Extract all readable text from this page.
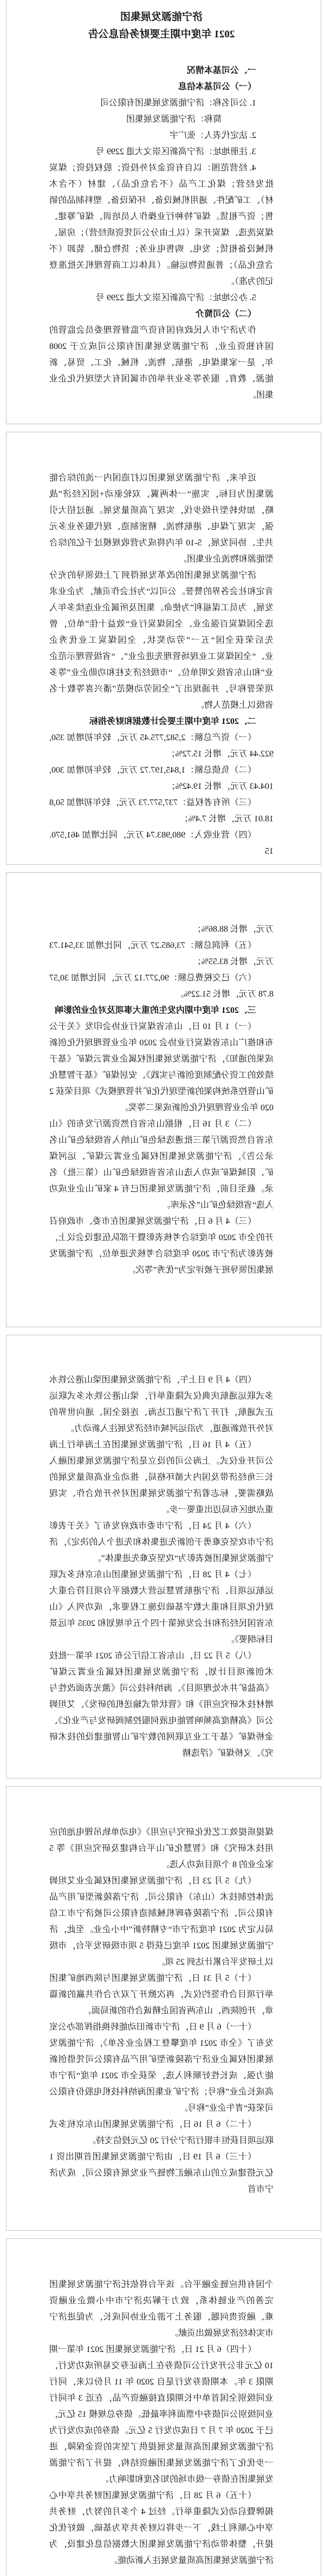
济宁能源发展集团
2021 年度中期主要财务信息公告
一、公司基本情况
（一）公司基本信息
1. 公司名称：济宁能源发展集团有限公司
简称：济宁能源发展集团
2. 法定代表人：张广宇
3. 注册地址：济宁高新区崇文大道 2299 号
4. 经营范围：以自有资金对外投资；股权投资；煤炭批发经营；煤化工产品（不含危化品）、建材（不含木材）、工矿配件、通用机械设备、环保设备、塑料制品的销售；资产租赁。煤矿特种行业操作人员培训、煤矿筹建、煤炭洗选、煤炭开采（以上由分公司凭资质经营）；房屋、机械设备租赁；发电、购售电业务；货物仓储、装卸（不含危化品）；普通货物运输。（具体以工商管理机关批准登记的为准）。
5. 办公地址：济宁高新区崇文大道 2299 号
（二）公司简介
作为济宁市人民政府国有资产监督管理委员会监管的国有独资企业，济宁能源发展集团有限公司成立于 2008 年，是一家集煤电、港航、物流、机械、化工、贸易、新能源、教育、服务等多业并举的市属国有大型现代化企业集团。
近年来，济宁能源发展集团以打造国内一流的综合能源集团为目标，实施“一体两翼、双轮驱动+园区经济”战略，加快转型升级步伐，实现了高质量发展。通过招大引强，实现了煤电、港航物流、精密制造、现代服务业多元共生、协同发展，5-10 年内将成为营收规模过千亿的综合型能源和物流企业集团。
济宁能源发展集团的改革发展得到了上级领导的充分肯定和社会各界的赞誉。公司以“为社会作贡献，为企业求发展，为员工谋福利”为使命。集团及所属企业连续多年入选全国煤炭百强企业、全国煤炭行业“效益十佳”单位，曾先后荣获全国“五一”劳动奖状、全国煤炭工业优秀企业、“全国煤炭工业现场管理先进企业”、“省级管理示范企业”和山东省级文明单位、“市级经济支柱和功勋企业”等多项荣誉称号，并涌现出了“全国劳动模范”潘兴喜等数十名省级以上模范人物。
二、2021 年度中期主要会计数据和财务指标
（一）资产总额：2,582,775.45 万元，较年初增加 350,922.44 万元，增长 15.72%；
（二）负债总额：1,845,197.72 万元，较年初增加 300,104.43 万元，增长 19.42%；
（三）所有者权益：737,577.73 万元，较年初增加 50,818.01 万元，增长 7.4%；
（四）营业收入：980,983.74 万元，同比增加 461,570.15
万元，增长 88.86%；
（五）利润总额：73,685.27 万元，同比增加 33,541.73 万元，增长 83.55%；
（六）已交税费总额：90,277.12 万元，同比增加 30,578.78 万元，增长 51.22%。
三、2021 年度中期内发生的重大事项及对企业的影响
（一）1 月 10 日，山东省煤炭行业协会印发《关于公布和推广山东省煤炭行业协会 2020 年企业管理现代化创新成果的通知》，济宁能源发展集团权属企业霄云煤矿《基于绩效的工资分配制度创新与实践》、安居煤矿《基于智慧化矿山管控系统构架的新型现代化矿井管理模式》项目荣获 2020 年企业管理现代化创新成果二等奖。
（二）3 月 16 日，根据山东省自然资源厅发布的《山东省自然资源厅第三批遴选绿色矿山纳入省级绿色矿山名录公告》，济宁能源发展集团权属企业霄云煤矿、运河煤矿、阳城煤矿成功入选山东省省级绿色矿山（第三批）名录。截至目前，济宁能源发展集团已有 4 家矿山企业成功入选“省级绿色矿山”名录库。
（三）4 月 6 日，济宁能源发展集团在市委、市政府召开的全市 2020 年度综合考核表彰暨干部队伍建设会议上，被表彰为济宁市 2020 年度综合考核先进单位，济宁能源发展集团领导班子被评定为“优秀”等次。
（四）4 月 9 日上午，济宁能源发展集团梁山港公铁水多式联运通航庆典仪式隆重举行，梁山港公铁水多式联运正式通航，打开了济宁通江达海、连接全国、通向世界的对外开放新通道，为沿运河城市经济发展注入新动力。
（五）4 月 16 日，济宁能源发展集团在上海举行上海公司开业仪式。上海公司的设立是济宁能源发展集团融入长三角经济带及国内大循环格局，推动企业高质量发展的战略需要，标志着济宁能源发展集团对外开放合作、实现重点地区布局迈出重要一步。
（六）4 月 24 日，济宁市委市政府发布了《关于表彰济宁市攻坚克难勇于创新先进集体和先进个人的决定》，济宁能源发展集团被表彰为“攻坚克难先进集体”。
（七）4 月 28 日，济宁能源发展集团山东京杭多式联运航运项目、济宁港航智慧运营大数据平台项目符合重大现代化项目和重大数字基础设施工程要求，成功列入《山东省国民经济和社会发展第十四个五年规划和 2035 年远景目标纲要》。
（八）5 月 22 日，山东省工信厅公布 2021 年第一批技术创新项目计划，济宁能源发展集团权属企业霄云煤矿《高盐矿井水处理项目》、海纳科技公司《激光表面改性与增材技术研究应用》和《管状带式输送机的研发》、艾坦姆公司《高精度高频响智能电液伺服控制阀研发与产业化》、金桥煤矿《基于工业互联网的数字矿山智能建设的技术研究》、义桥煤矿《浮选精
煤提质提效工艺优化研究与应用》《电动单轨吊锂电池的应用技术研究》和《智慧化矿山平台构建及研究应用》等 5 家企业的 8 个项目成功入选。
（九）5 月 23 日，济宁能源发展集团权属企业艾坦姆流体控制技术（山东）有限公司、济宁落陵新型矿用产品有限公司、济宁落陵春晖机械制造有限公司被济宁市工信局认定为 2021 年度济宁市“专精特新”中小企业。至此，济宁能源发展集团 2021 年度已获得 5 项市级研发平台，市级以上研发平台累计达到 25 项。
（十）5 月 31 日，济宁能源发展集团与陕西地矿集团举行项目合作签约仪式，再次掀开了双方合作共赢的新篇章，开创陕西、山东两省国企精诚合作的新局面。
（十一）6 月 9 日，济宁市新旧动能转换指挥部办公室发布了《全市 2021 年度攀登工程企业名单》，济宁能源发展集团权属企业济宁落陵新型矿用产品有限公司凭借创新能力强、成长性好顺利入选，荣获全市 2021 年度“济宁市高成长企业”称号；济宁矿业集团海纳科技机电股份有限公司荣获“青牛企业”称号。
（十二）6 月 16 日，济宁能源发展集团山东京杭多式联运项目获恒丰银行济宁分行 20 亿元授信支持。
（十三）6 月 19 日，由济宁能源发展集团首期出资 1 亿元搭建成立的山东融汇物链产业发展有限公司，成为济宁市首
个国有供应链金融平台。该平台将依托济宁能源发展集团完善的产业链体系，致力于解决济宁市中小微企业融资难、融资贵问题，服务上下游企业协同成长，为促进济宁市实体经济发展做出贡献。
（十四）6 月 21 日，济宁能源发展集团 2021 年第一期 10 亿元非公开发行公司债券在上海证券交易所成功发行，期限 3 年。本期债券发行是自 2020 年 11 月份以来，同行业同级别全国首单中长期限直接融资产品，在近 3 年同行业同级别公司债券中票面利率最低。债券总规模 15 亿元，已于 2020 年 7 月 7 日成功发行 5 亿元。债券的成功发行为济宁能源发展集团高质量发展提供了坚实的资金保障，进一步优化了济宁能源发展集团融资结构，提升了济宁能源发展集团在债券一级市场的知名度和影响力。
（十五）6 月 28 日，济宁能源发展集团财务共享中心揭牌暨启动仪式隆重举行。经过 4 个多月的努力，财务共享中心顺利上线，下一步将以财务共享为基础，做好优化提升，整体带动济宁能源发展集团大数据信息化建设，为济宁能源发展集团高质量发展注入新动能。
